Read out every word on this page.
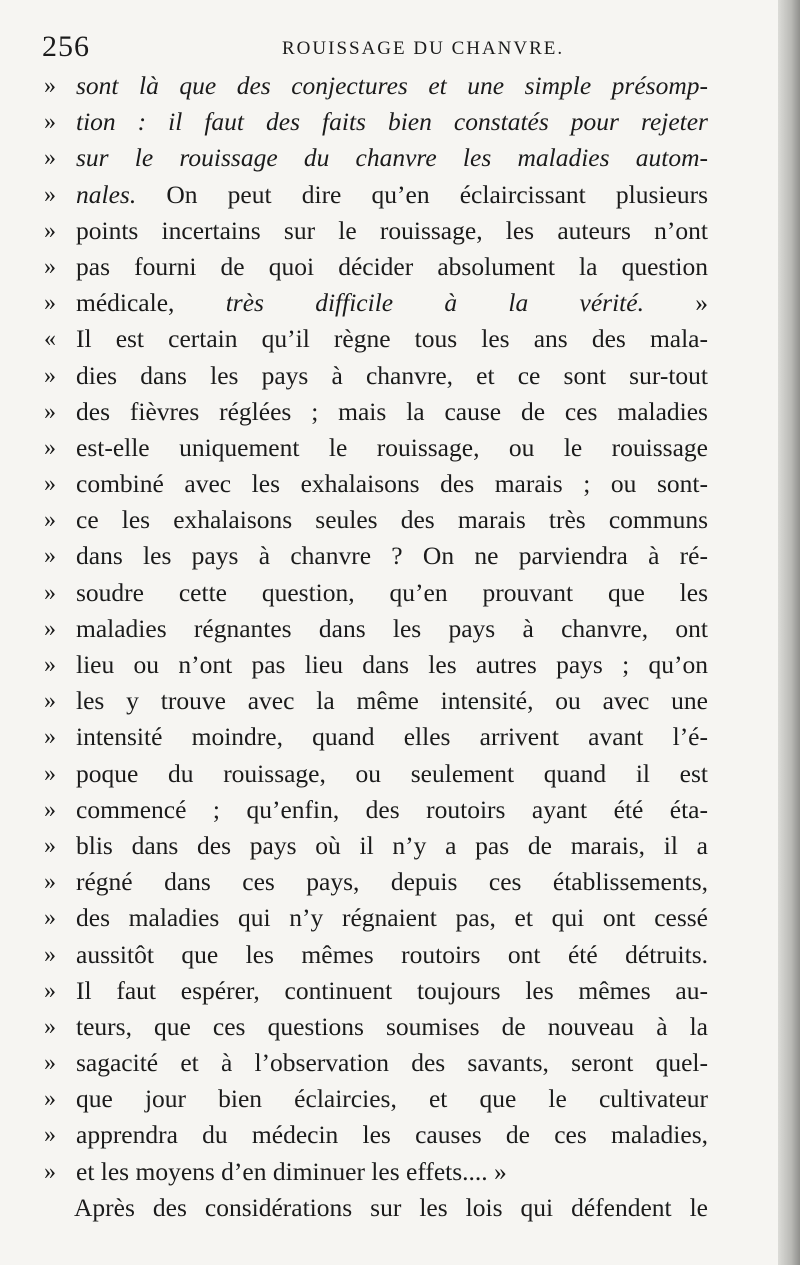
256	ROUISSAGE DU CHANVRE.
» sont là que des conjectures et une simple présomp-
» tion : il faut des faits bien constatés pour rejeter
» sur le rouissage du chanvre les maladies autom-
» nales. On peut dire qu’en éclaircissant plusieurs
» points incertains sur le rouissage, les auteurs n’ont
» pas fourni de quoi décider absolument la question
» médicale, très difficile à la vérité. »
« Il est certain qu’il règne tous les ans des mala-
» dies dans les pays à chanvre, et ce sont sur-tout
» des fièvres réglées ; mais la cause de ces maladies
» est-elle uniquement le rouissage, ou le rouissage
» combiné avec les exhalaisons des marais ; ou sont-
» ce les exhalaisons seules des marais très communs
» dans les pays à chanvre ? On ne parviendra à ré-
» soudre cette question, qu’en prouvant que les
» maladies régnantes dans les pays à chanvre, ont
» lieu ou n’ont pas lieu dans les autres pays ; qu’on
» les y trouve avec la même intensité, ou avec une
» intensité moindre, quand elles arrivent avant l’é-
» poque du rouissage, ou seulement quand il est
» commencé ; qu’enfin, des routoirs ayant été éta-
» blis dans des pays où il n’y a pas de marais, il a
» régné dans ces pays, depuis ces établissements,
» des maladies qui n’y régnaient pas, et qui ont cessé
» aussitôt que les mêmes routoirs ont été détruits.
» Il faut espérer, continuent toujours les mêmes au-
» teurs, que ces questions soumises de nouveau à la
» sagacité et à l’observation des savants, seront quel-
» que jour bien éclaircies, et que le cultivateur
» apprendra du médecin les causes de ces maladies,
» et les moyens d’en diminuer les effets.... »
Après des considérations sur les lois qui défendent le
